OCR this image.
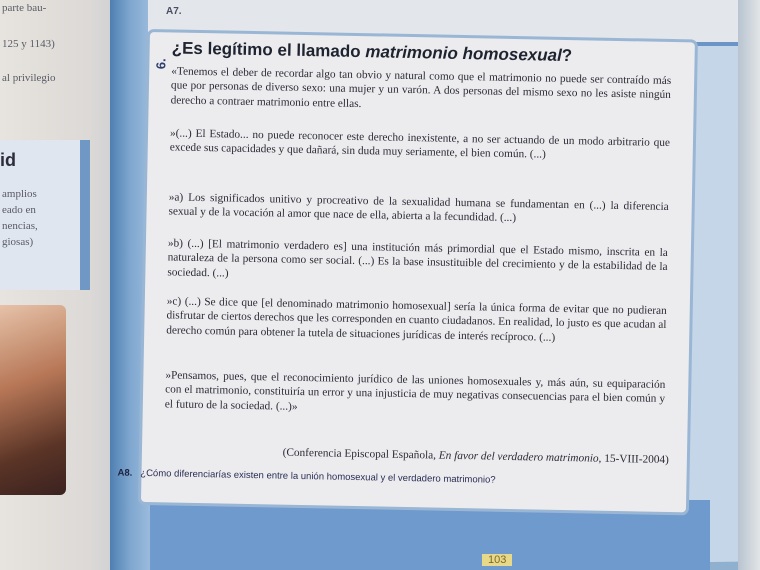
parte bau-
125 y 1143)
al privilegio
id
amplios
eado en
nencias,
giosas)
A7.
6.
¿Es legítimo el llamado matrimonio homosexual?

«Tenemos el deber de recordar algo tan obvio y natural como que el matrimonio no puede ser contraído más que por personas de diverso sexo: una mujer y un varón. A dos personas del mismo sexo no les asiste ningún derecho a contraer matrimonio entre ellas.

»(...) El Estado... no puede reconocer este derecho inexistente, a no ser actuando de un modo arbitrario que excede sus capacidades y que dañará, sin duda muy seriamente, el bien común. (...)

»a) Los significados unitivo y procreativo de la sexualidad humana se fundamentan en (...) la diferencia sexual y de la vocación al amor que nace de ella, abierta a la fecundidad. (...)

»b) (...) [El matrimonio verdadero es] una institución más primordial que el Estado mismo, inscrita en la naturaleza de la persona como ser social. (...) Es la base insustituible del crecimiento y de la estabilidad de la sociedad. (...)

»c) (...) Se dice que [el denominado matrimonio homosexual] sería la única forma de evitar que no pudieran disfrutar de ciertos derechos que les corresponden en cuanto ciudadanos. En realidad, lo justo es que acudan al derecho común para obtener la tutela de situaciones jurídicas de interés recíproco. (...)

»Pensamos, pues, que el reconocimiento jurídico de las uniones homosexuales y, más aún, su equiparación con el matrimonio, constituiría un error y una injusticia de muy negativas consecuencias para el bien común y el futuro de la sociedad. (...)»

(Conferencia Episcopal Española, En favor del verdadero matrimonio, 15-VIII-2004)
A8. ¿Cómo diferenciarías existen entre la unión homosexual y el verdadero matrimonio?
103
